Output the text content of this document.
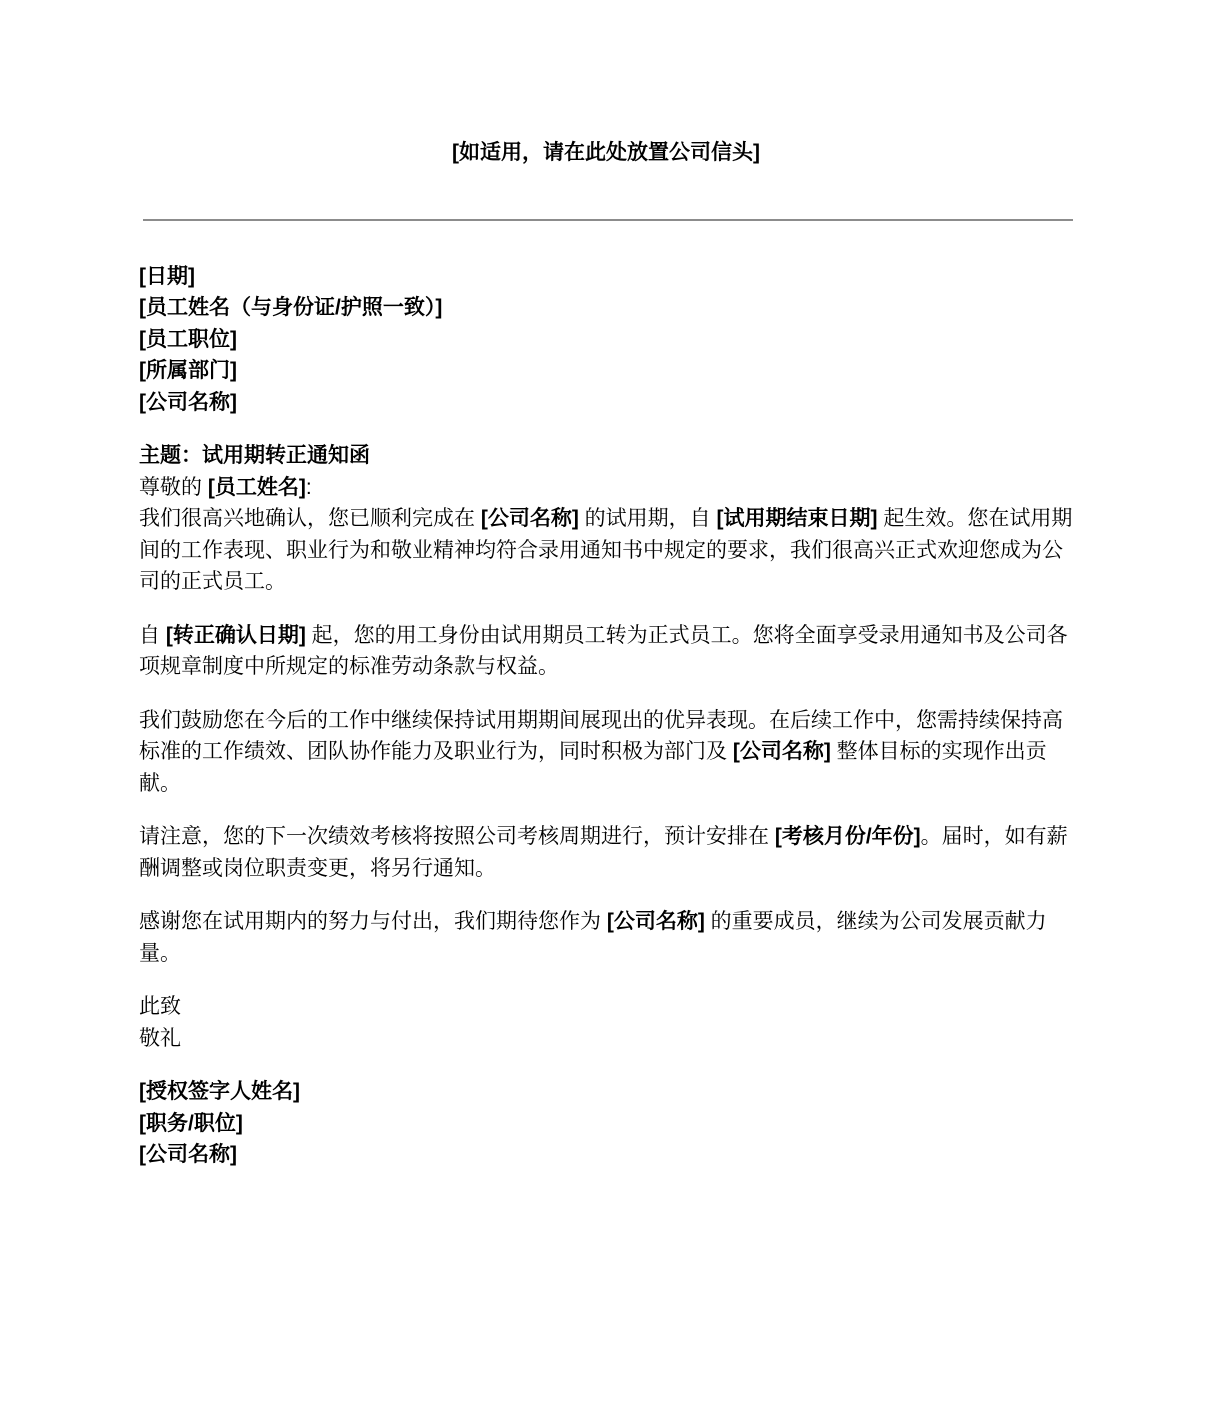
[如适用，请在此处放置公司信头]

[日期]

[员工姓名（与身份证/护照一致）]

[员工职位]

[所属部门]

[公司名称]

主题：试用期转正通知函

尊敬的 [员工姓名]:

我们很高兴地确认，您已顺利完成在 [公司名称] 的试用期，自 [试用期结束日期] 起生效。您在试用期间的工作表现、职业行为和敬业精神均符合录用通知书中规定的要求，我们很高兴正式欢迎您成为公司的正式员工。

自 [转正确认日期] 起，您的用工身份由试用期员工转为正式员工。您将全面享受录用通知书及公司各项规章制度中所规定的标准劳动条款与权益。

我们鼓励您在今后的工作中继续保持试用期期间展现出的优异表现。在后续工作中，您需持续保持高标准的工作绩效、团队协作能力及职业行为，同时积极为部门及 [公司名称] 整体目标的实现作出贡献。

请注意，您的下一次绩效考核将按照公司考核周期进行，预计安排在 [考核月份/年份]。届时，如有薪酬调整或岗位职责变更，将另行通知。

感谢您在试用期内的努力与付出，我们期待您作为 [公司名称] 的重要成员，继续为公司发展贡献力量。

此致

敬礼

[授权签字人姓名]

[职务/职位]

[公司名称]
